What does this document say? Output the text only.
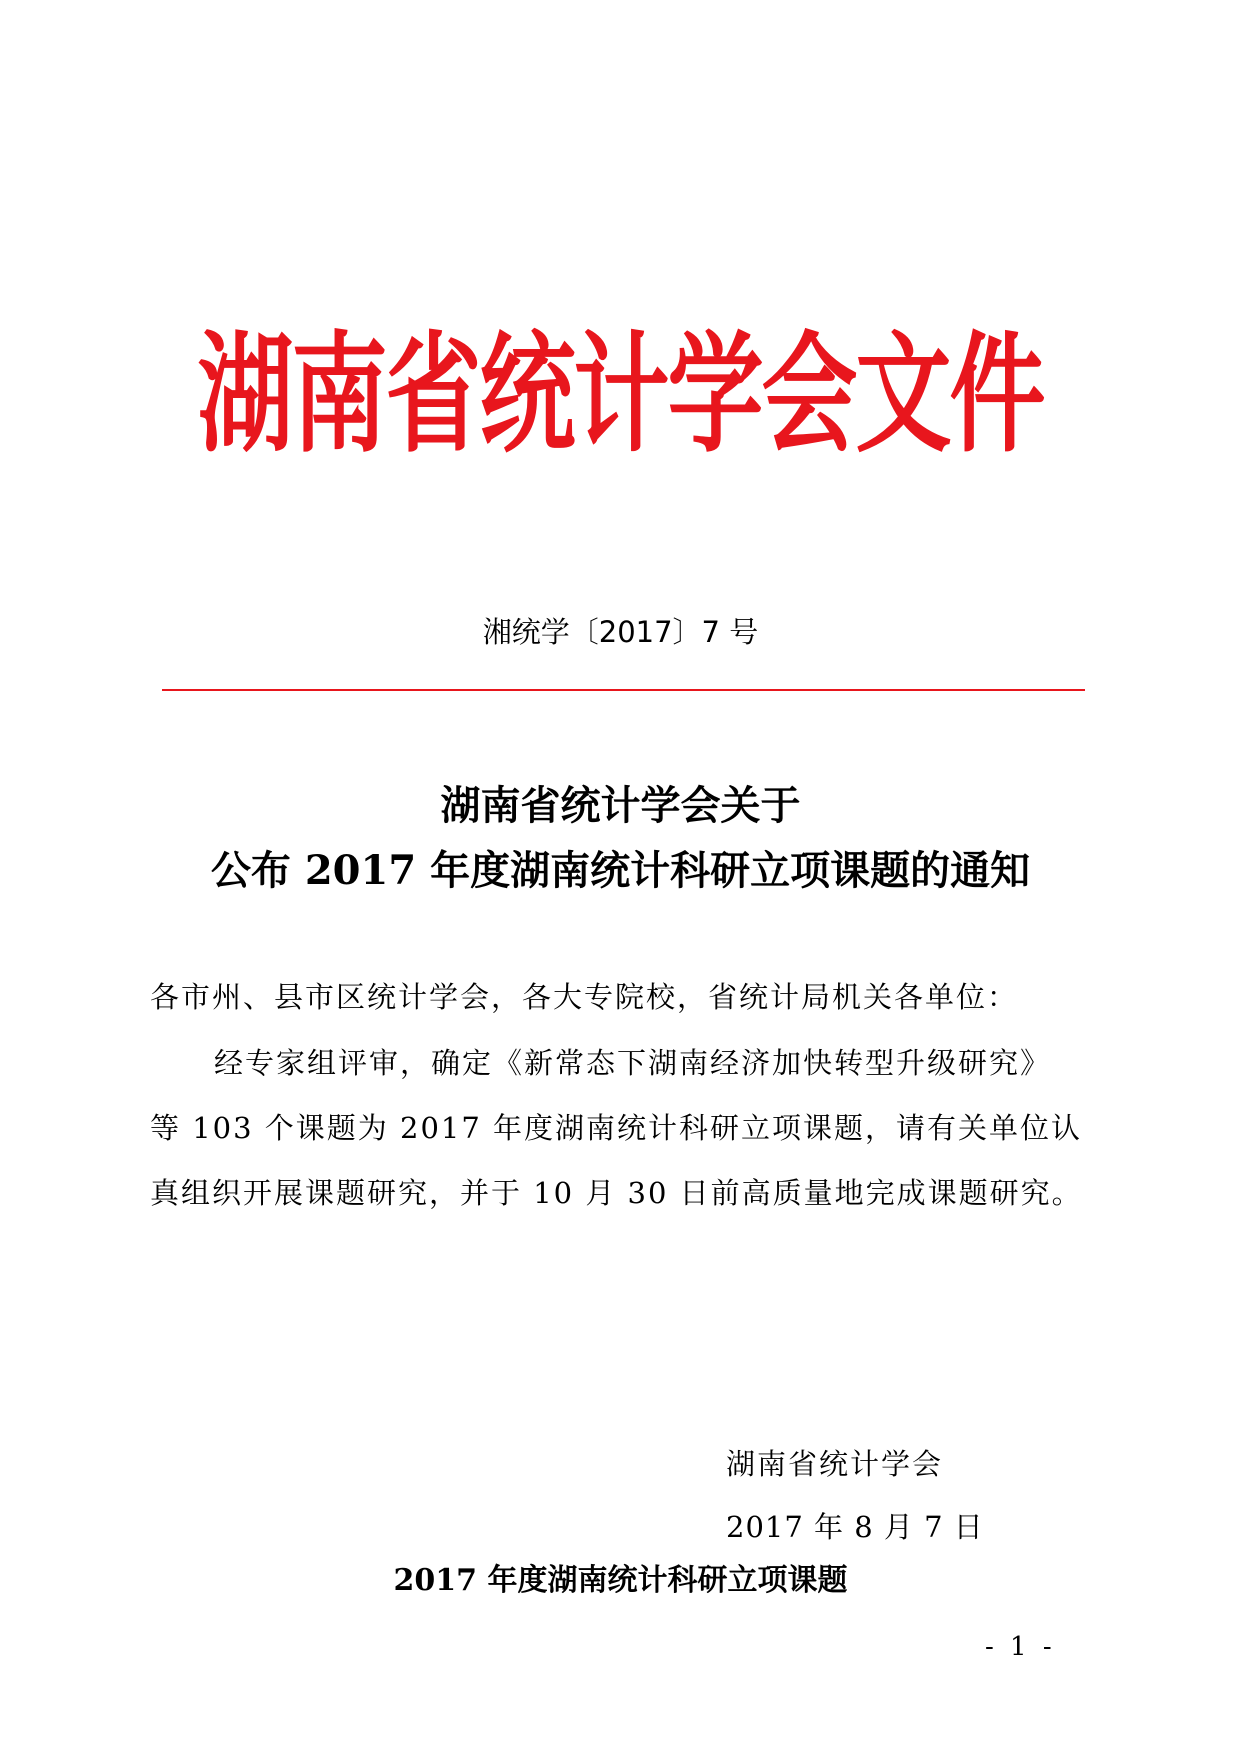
湖南省统计学会文件
湘统学〔2017〕7 号
湖南省统计学会关于
公布 2017 年度湖南统计科研立项课题的通知
各市州、县市区统计学会，各大专院校，省统计局机关各单位：
经专家组评审，确定《新常态下湖南经济加快转型升级研究》
等 103 个课题为 2017 年度湖南统计科研立项课题，请有关单位认
真组织开展课题研究，并于 10 月 30 日前高质量地完成课题研究。
湖南省统计学会
2017 年 8 月 7 日
2017 年度湖南统计科研立项课题
- 1 -
